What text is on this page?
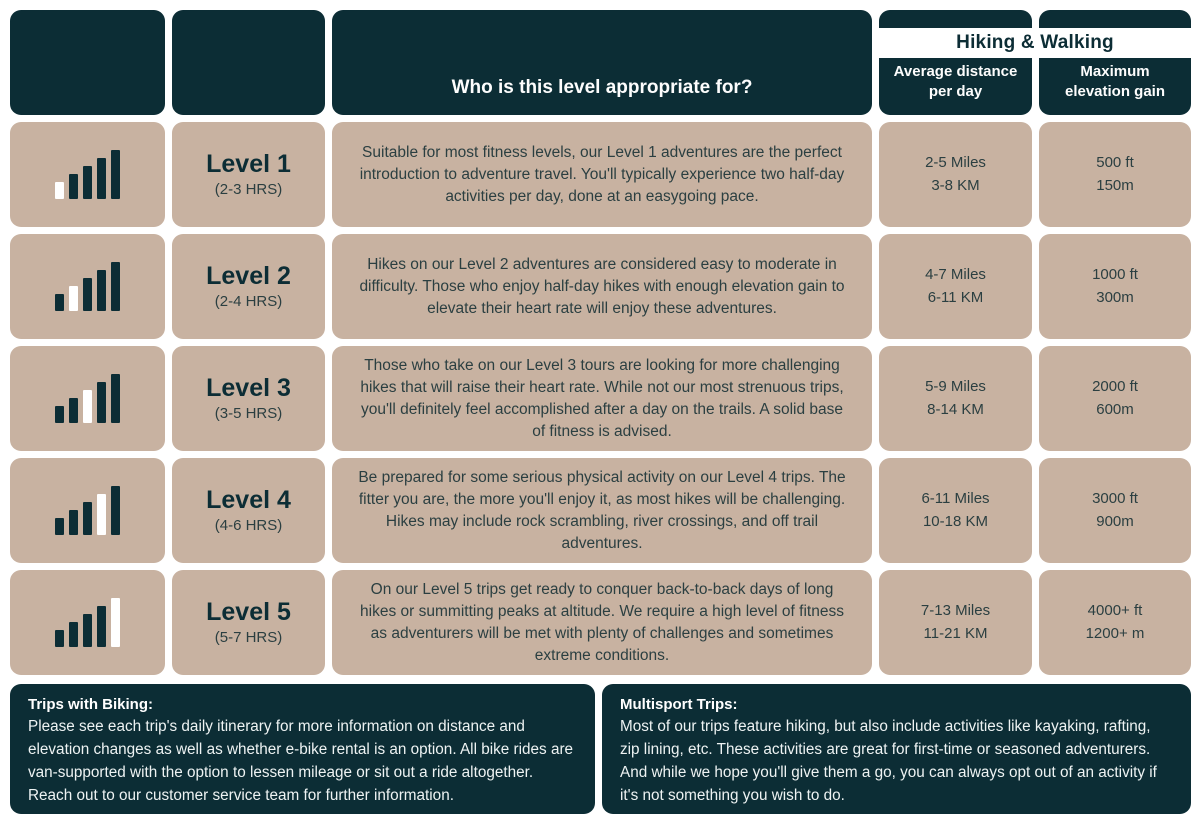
Who is this level appropriate for?
Average distance
per day
Maximum
elevation gain
Hiking & Walking
Level 1
(2-3 HRS)
Suitable for most fitness levels, our Level 1 adventures are the perfect introduction to adventure travel. You'll typically experience two half-day activities per day, done at an easygoing pace.
2-5 Miles
3-8 KM
500 ft
150m
Level 2
(2-4 HRS)
Hikes on our Level 2 adventures are considered easy to moderate in difficulty. Those who enjoy half-day hikes with enough elevation gain to elevate their heart rate will enjoy these adventures.
4-7 Miles
6-11 KM
1000 ft
300m
Level 3
(3-5 HRS)
Those who take on our Level 3 tours are looking for more challenging hikes that will raise their heart rate. While not our most strenuous trips, you'll definitely feel accomplished after a day on the trails. A solid base of fitness is advised.
5-9 Miles
8-14 KM
2000 ft
600m
Level 4
(4-6 HRS)
Be prepared for some serious physical activity on our Level 4 trips. The fitter you are, the more you'll enjoy it, as most hikes will be challenging. Hikes may include rock scrambling, river crossings, and off trail adventures.
6-11 Miles
10-18 KM
3000 ft
900m
Level 5
(5-7 HRS)
On our Level 5 trips get ready to conquer back-to-back days of long hikes or summitting peaks at altitude. We require a high level of fitness as adventurers will be met with plenty of challenges and sometimes extreme conditions.
7-13 Miles
11-21 KM
4000+ ft
1200+ m
Trips with Biking:
Please see each trip's daily itinerary for more information on distance and elevation changes as well as whether e-bike rental is an option. All bike rides are van-supported with the option to lessen mileage or sit out a ride altogether. Reach out to our customer service team for further information.
Multisport Trips:
Most of our trips feature hiking, but also include activities like kayaking, rafting, zip lining, etc. These activities are great for first-time or seasoned adventurers. And while we hope you'll give them a go, you can always opt out of an activity if it's not something you wish to do.
